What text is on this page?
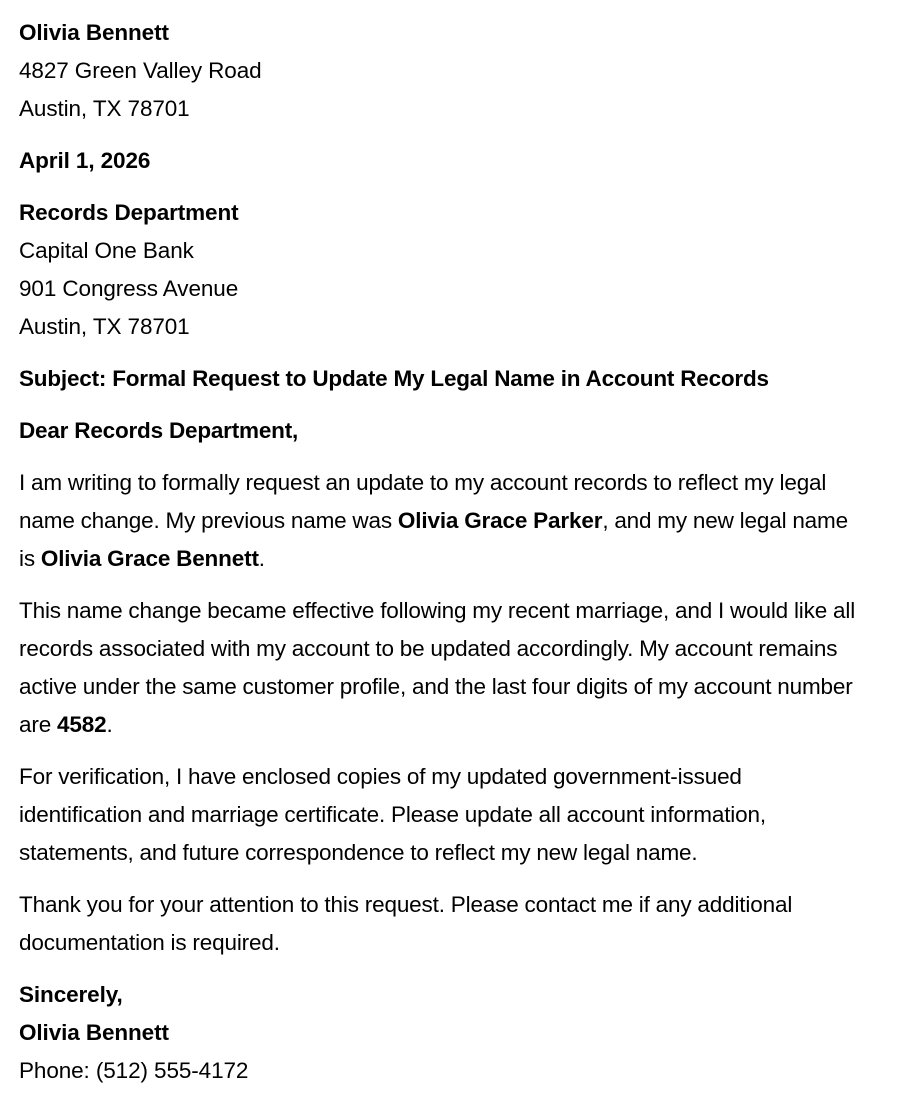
Olivia Bennett
4827 Green Valley Road
Austin, TX 78701
April 1, 2026
Records Department
Capital One Bank
901 Congress Avenue
Austin, TX 78701
Subject: Formal Request to Update My Legal Name in Account Records
Dear Records Department,

I am writing to formally request an update to my account records to reflect my legal name change. My previous name was Olivia Grace Parker, and my new legal name is Olivia Grace Bennett.

This name change became effective following my recent marriage, and I would like all records associated with my account to be updated accordingly. My account remains active under the same customer profile, and the last four digits of my account number are 4582.

For verification, I have enclosed copies of my updated government-issued identification and marriage certificate. Please update all account information, statements, and future correspondence to reflect my new legal name.

Thank you for your attention to this request. Please contact me if any additional documentation is required.

Sincerely,
Olivia Bennett
Phone: (512) 555-4172
